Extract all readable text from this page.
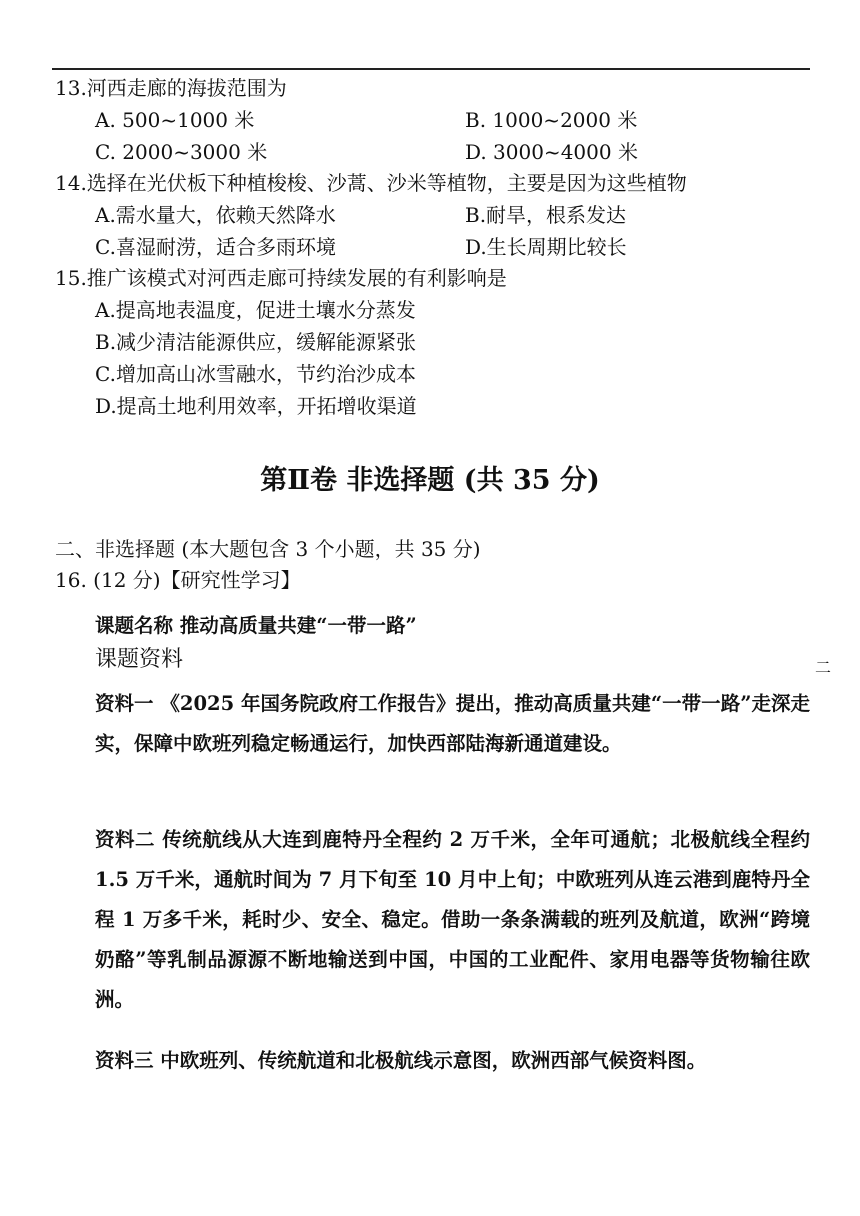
13.河西走廊的海拔范围为
A. 500~1000 米	B. 1000~2000 米
C. 2000~3000 米	D. 3000~4000 米
14.选择在光伏板下种植梭梭、沙蒿、沙米等植物，主要是因为这些植物
A.需水量大，依赖天然降水	B.耐旱，根系发达
C.喜湿耐涝，适合多雨环境	D.生长周期比较长
15.推广该模式对河西走廊可持续发展的有利影响是
A.提高地表温度，促进土壤水分蒸发
B.减少清洁能源供应，缓解能源紧张
C.增加高山冰雪融水，节约治沙成本
D.提高土地利用效率，开拓增收渠道
第Ⅱ卷 非选择题 (共 35 分)
二、非选择题 (本大题包含 3 个小题，共 35 分)
16. (12 分)【研究性学习】
课题名称 推动高质量共建“一带一路”
课题资料	二
资料一 《2025 年国务院政府工作报告》提出，推动高质量共建“一带一路”走深走实，保障中欧班列稳定畅通运行，加快西部陆海新通道建设。
资料二 传统航线从大连到鹿特丹全程约 2 万千米，全年可通航；北极航线全程约 1.5 万千米，通航时间为 7 月下旬至 10 月中上旬；中欧班列从连云港到鹿特丹全程 1 万多千米，耗时少、安全、稳定。借助一条条满载的班列及航道，欧洲“跨境奶酪”等乳制品源源不断地输送到中国，中国的工业配件、家用电器等货物输往欧洲。
资料三 中欧班列、传统航道和北极航线示意图，欧洲西部气候资料图。
